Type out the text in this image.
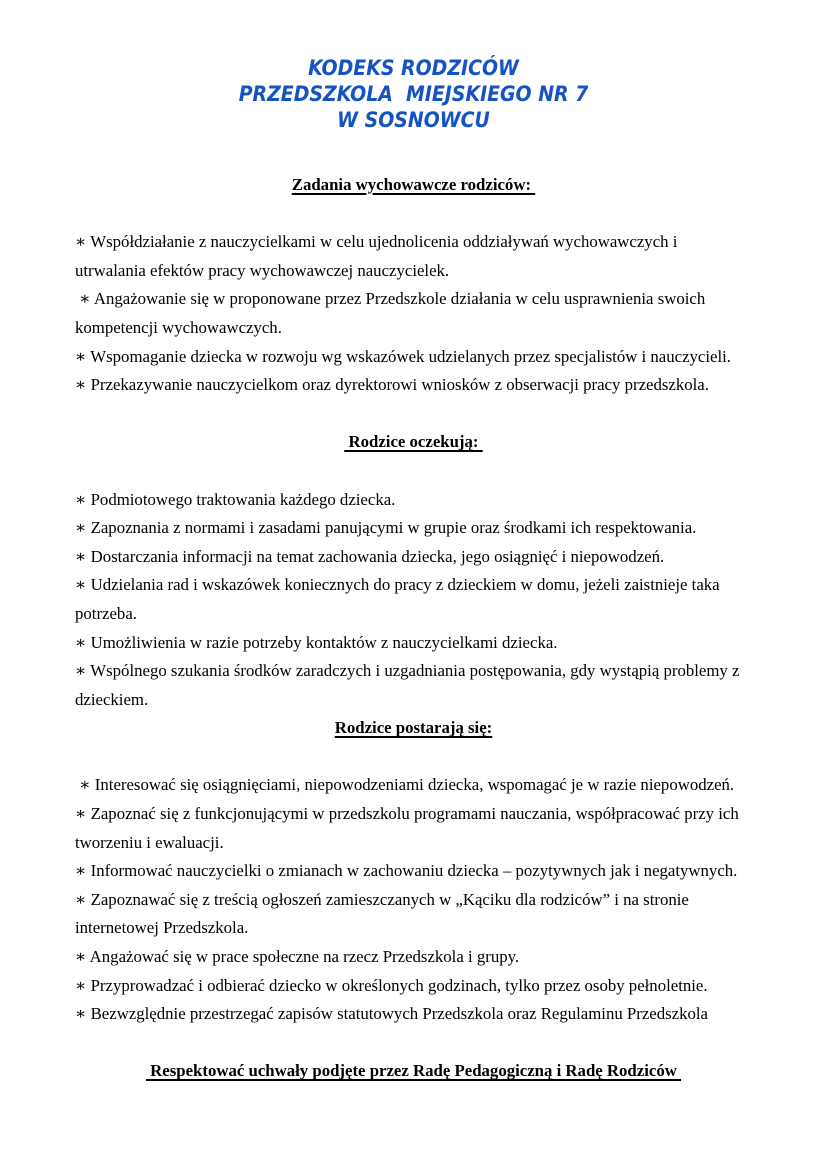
KODEKS RODZICÓW
PRZEDSZKOLA  MIEJSKIEGO NR 7
W SOSNOWCU
Zadania wychowawcze rodziców:

∗ Współdziałanie z nauczycielkami w celu ujednolicenia oddziaływań wychowawczych i utrwalania efektów pracy wychowawczej nauczycielek.

∗ Angażowanie się w proponowane przez Przedszkole działania w celu usprawnienia swoich kompetencji wychowawczych.

∗ Wspomaganie dziecka w rozwoju wg wskazówek udzielanych przez specjalistów i nauczycieli.

∗ Przekazywanie nauczycielkom oraz dyrektorowi wniosków z obserwacji pracy przedszkola.

Rodzice oczekują:

∗ Podmiotowego traktowania każdego dziecka.

∗ Zapoznania z normami i zasadami panującymi w grupie oraz środkami ich respektowania.

∗ Dostarczania informacji na temat zachowania dziecka, jego osiągnięć i niepowodzeń.

∗ Udzielania rad i wskazówek koniecznych do pracy z dzieckiem w domu, jeżeli zaistnieje taka potrzeba.

∗ Umożliwienia w razie potrzeby kontaktów z nauczycielkami dziecka.

∗ Wspólnego szukania środków zaradczych i uzgadniania postępowania, gdy wystąpią problemy z dzieckiem.

Rodzice postarają się:

∗ Interesować się osiągnięciami, niepowodzeniami dziecka, wspomagać je w razie niepowodzeń.

∗ Zapoznać się z funkcjonującymi w przedszkolu programami nauczania, współpracować przy ich tworzeniu i ewaluacji.

∗ Informować nauczycielki o zmianach w zachowaniu dziecka – pozytywnych jak i negatywnych.

∗ Zapoznawać się z treścią ogłoszeń zamieszczanych w „Kąciku dla rodziców” i na stronie internetowej Przedszkola.

∗ Angażować się w prace społeczne na rzecz Przedszkola i grupy.

∗ Przyprowadzać i odbierać dziecko w określonych godzinach, tylko przez osoby pełnoletnie.

∗ Bezwzględnie przestrzegać zapisów statutowych Przedszkola oraz Regulaminu Przedszkola

Respektować uchwały podjęte przez Radę Pedagogiczną i Radę Rodziców
